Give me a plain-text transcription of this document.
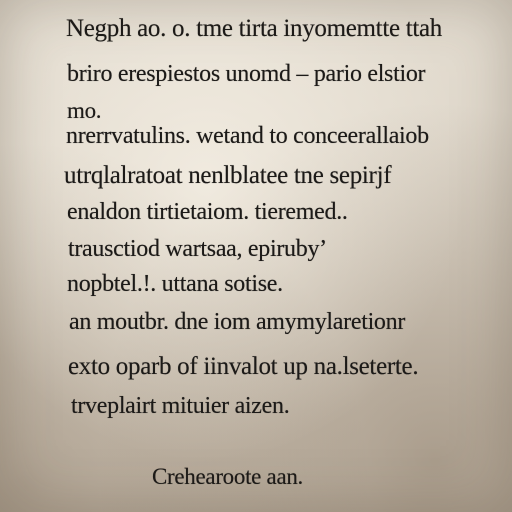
Negph ao. o. tme tirta inyomemtte ttah
briro erespiestos unomd – pario elstior
mo.
nrerrvatulins. wetand to conceerallaiob
utrqlalratoat nenlblatee tne sepirjf
enaldon tirtietaiom. tieremed..
trausctiod wartsaa, epiruby’
nopbtel.!. uttana sotise.
an moutbr. dne iom amymylaretionr
exto oparb of iinvalot up na.lseterte.
trveplairt mituier aizen.
Crehearoote aan.
